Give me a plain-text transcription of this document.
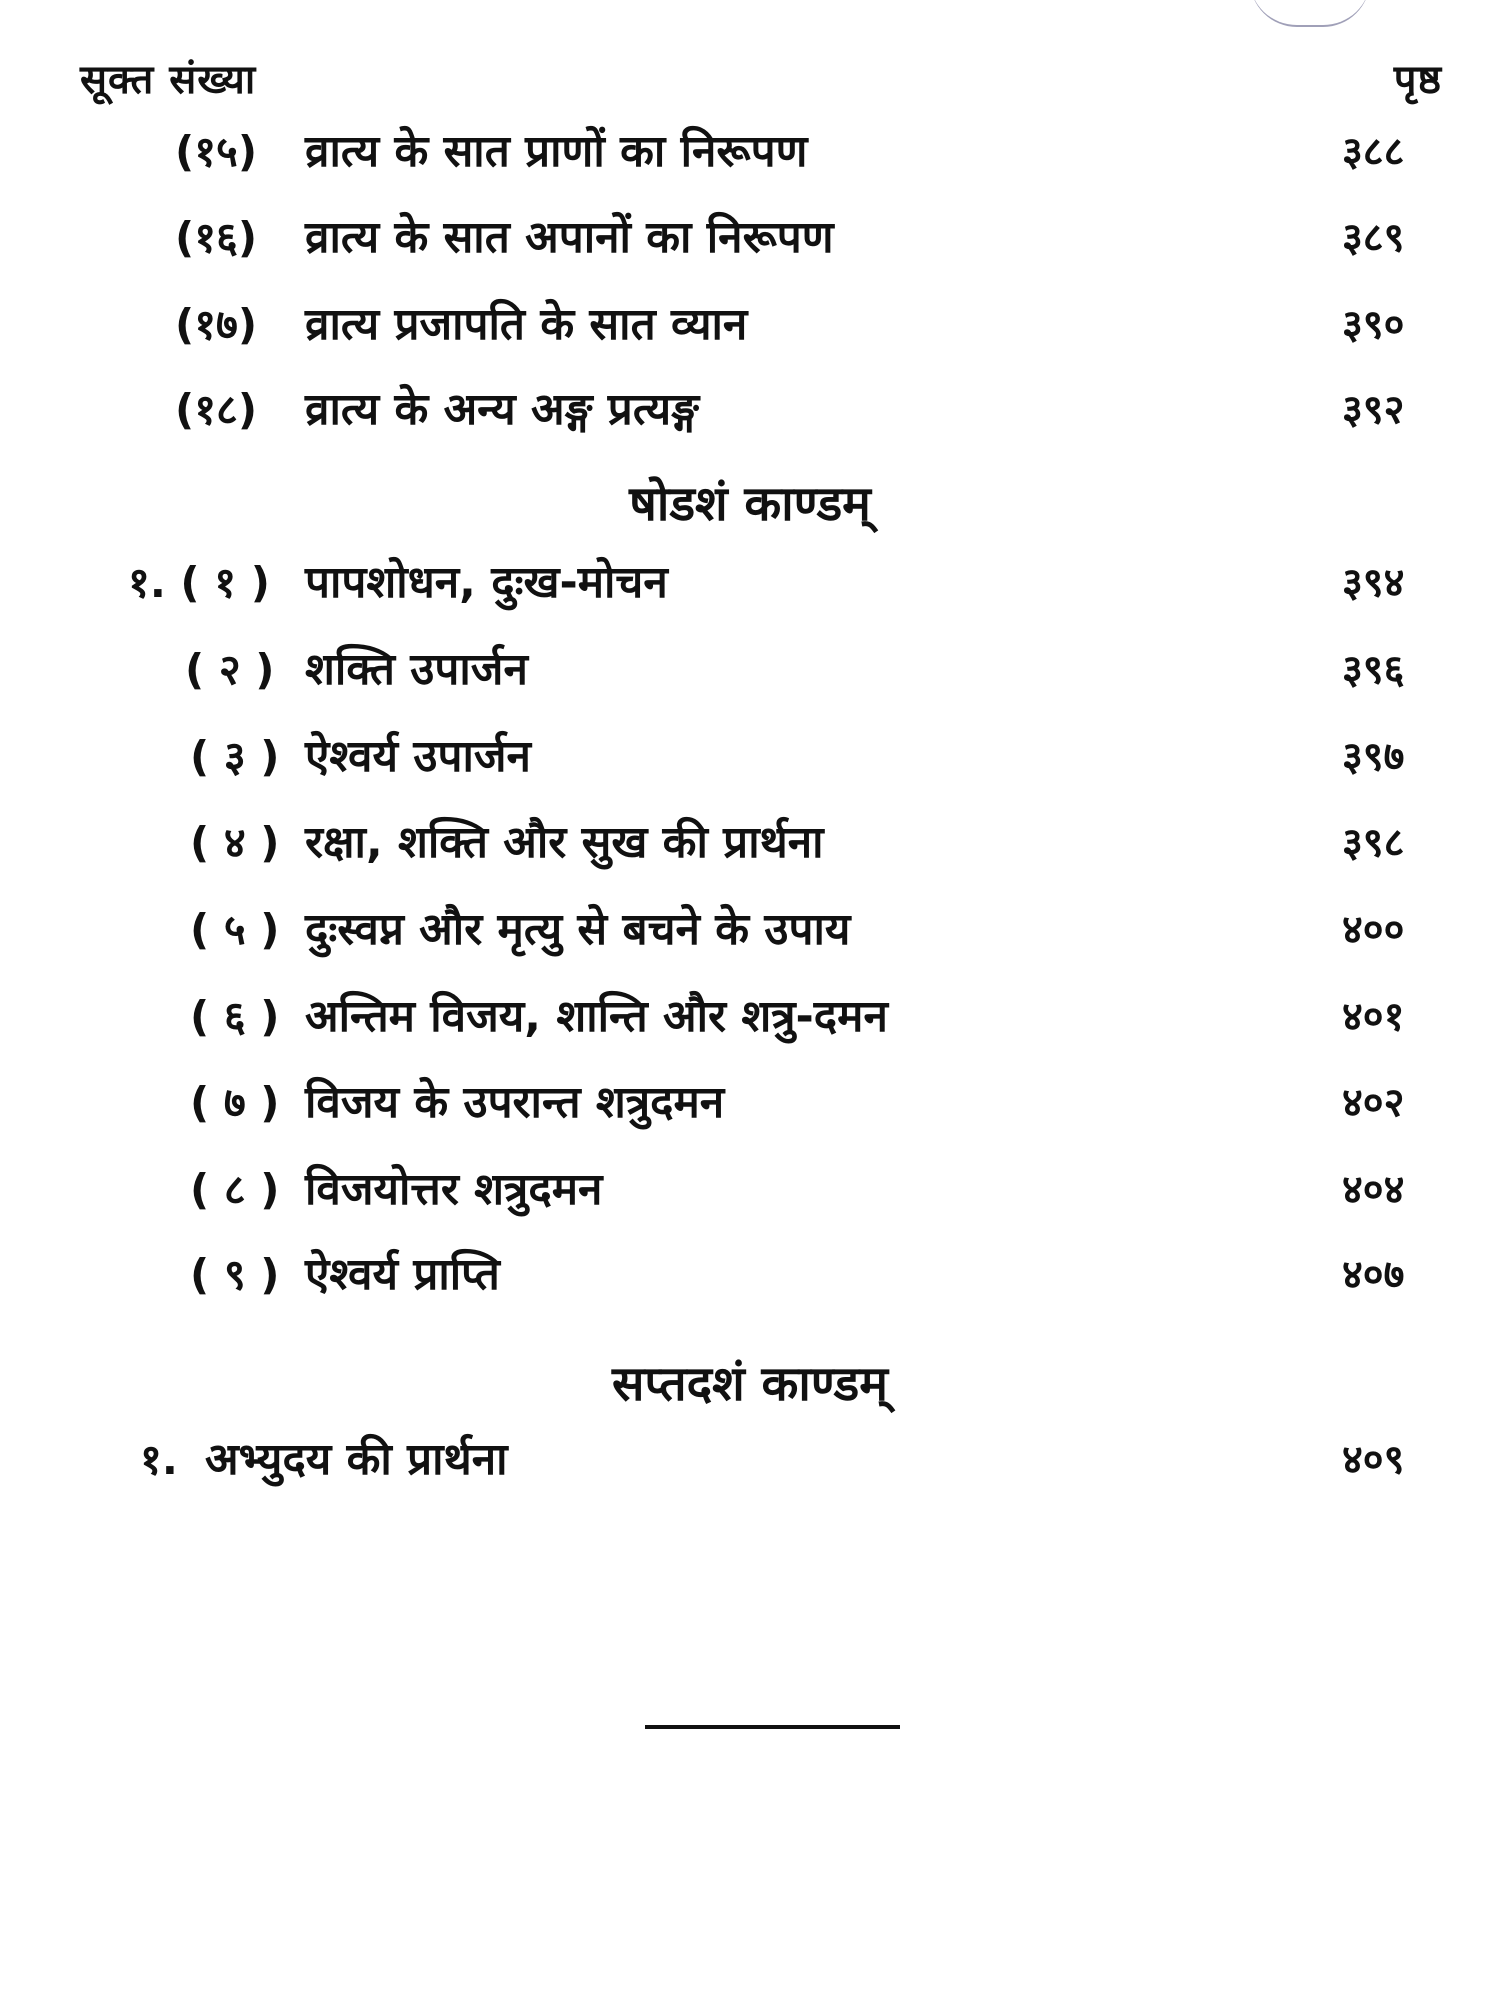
सूक्त संख्या	पृष्ठ
(१५) व्रात्य के सात प्राणों का निरूपण	३८८
(१६) व्रात्य के सात अपानों का निरूपण	३८९
(१७) व्रात्य प्रजापति के सात व्यान	३९०
(१८) व्रात्य के अन्य अङ्ग प्रत्यङ्ग	३९२
षोडशं काण्डम्
१. ( १ ) पापशोधन, दुःख-मोचन	३९४
( २ ) शक्ति उपार्जन	३९६
( ३ ) ऐश्वर्य उपार्जन	३९७
( ४ ) रक्षा, शक्ति और सुख की प्रार्थना	३९८
( ५ ) दुःस्वप्न और मृत्यु से बचने के उपाय	४००
( ६ ) अन्तिम विजय, शान्ति और शत्रु-दमन	४०१
( ७ ) विजय के उपरान्त शत्रुदमन	४०२
( ८ ) विजयोत्तर शत्रुदमन	४०४
( ९ ) ऐश्वर्य प्राप्ति	४०७
सप्तदशं काण्डम्
१. अभ्युदय की प्रार्थना	४०९
